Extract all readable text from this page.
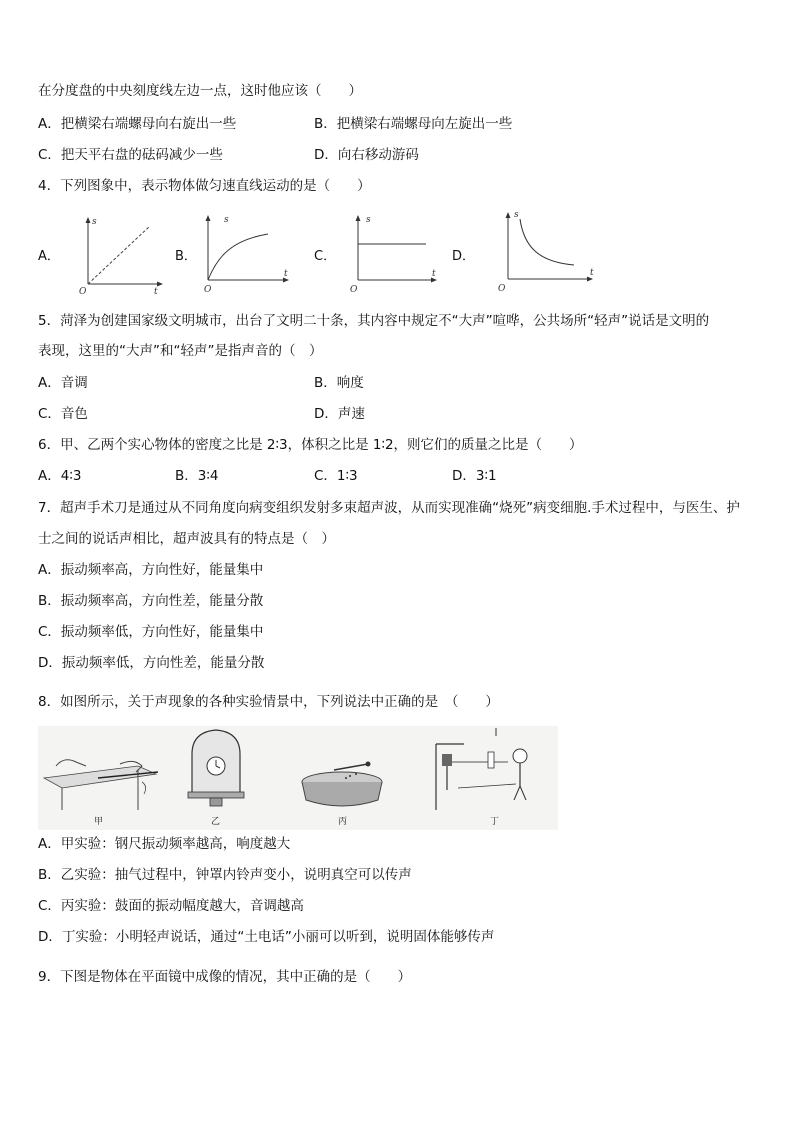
在分度盘的中央刻度线左边一点，这时他应该（　　）
A．把横梁右端螺母向右旋出一些	B．把横梁右端螺母向左旋出一些
C．把天平右盘的砝码减少一些	D．向右移动游码
4．下列图象中，表示物体做匀速直线运动的是（　　）
A．
s
t
O
B．
s
t
O
C．
s
t
O
D．
s
t
O
5．菏泽为创建国家级文明城市，出台了文明二十条，其内容中规定不“大声”喧哗，公共场所“轻声”说话是文明的
表现，这里的“大声”和“轻声”是指声音的（　）
A．音调	B．响度
C．音色	D．声速
6．甲、乙两个实心物体的密度之比是 2∶3，体积之比是 1∶2，则它们的质量之比是（　　）
A．4∶3	B．3∶4	C．1∶3	D．3∶1
7．超声手术刀是通过从不同角度向病变组织发射多束超声波，从而实现准确“烧死”病变细胞.手术过程中，与医生、护
士之间的说话声相比，超声波具有的特点是（　）
A．振动频率高，方向性好，能量集中
B．振动频率高，方向性差，能量分散
C．振动频率低，方向性好，能量集中
D．振动频率低，方向性差，能量分散
8．如图所示，关于声现象的各种实验情景中，下列说法中正确的是　（　　）
甲	乙	丙	丁
A．甲实验：钢尺振动频率越高，响度越大
B．乙实验：抽气过程中，钟罩内铃声变小，说明真空可以传声
C．丙实验：鼓面的振动幅度越大，音调越高
D．丁实验：小明轻声说话，通过“土电话”小丽可以听到，说明固体能够传声
9．下图是物体在平面镜中成像的情况，其中正确的是（　　）
